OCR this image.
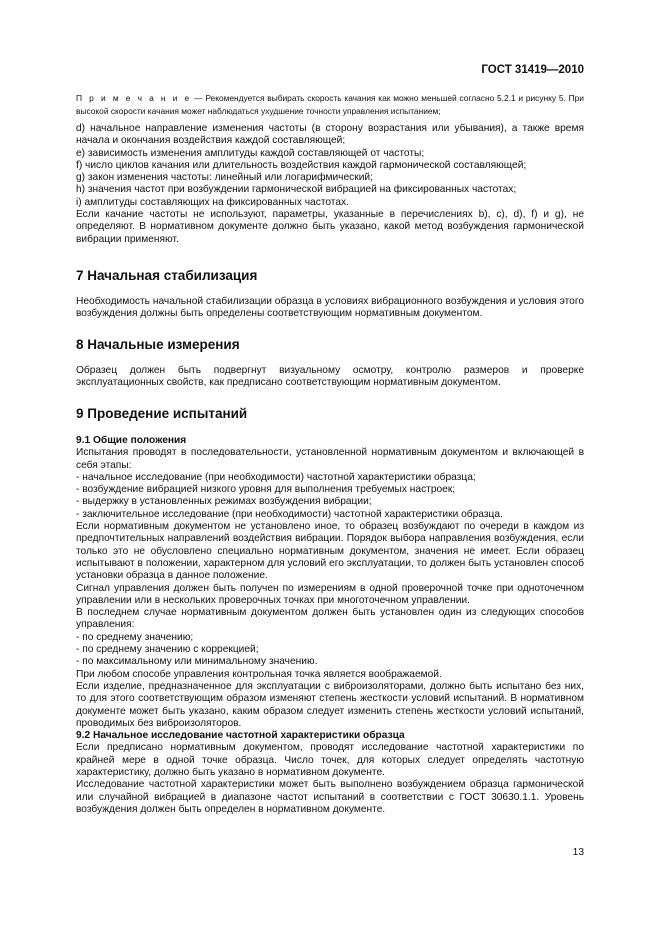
ГОСТ 31419—2010
П р и м е ч а н и е — Рекомендуется выбирать скорость качания как можно меньшей согласно 5.2.1 и рисунку 5. При высокой скорости качания может наблюдаться ухудшение точности управления испытанием;

d) начальное направление изменения частоты (в сторону возрастания или убывания), а также время начала и окончания воздействия каждой составляющей;

e) зависимость изменения амплитуды каждой составляющей от частоты;

f) число циклов качания или длительность воздействия каждой гармонической составляющей;

g) закон изменения частоты: линейный или логарифмический;

h) значения частот при возбуждении гармонической вибрацией на фиксированных частотах;

i) амплитуды составляющих на фиксированных частотах.

Если качание частоты не используют, параметры, указанные в перечислениях b), c), d), f) и g), не определяют. В нормативном документе должно быть указано, какой метод возбуждения гармонической вибрации применяют.

7 Начальная стабилизация

Необходимость начальной стабилизации образца в условиях вибрационного возбуждения и условия этого возбуждения должны быть определены соответствующим нормативным документом.

8 Начальные измерения

Образец должен быть подвергнут визуальному осмотру, контролю размеров и проверке эксплуатационных свойств, как предписано соответствующим нормативным документом.

9 Проведение испытаний
9.1 Общие положения

Испытания проводят в последовательности, установленной нормативным документом и включающей в себя этапы:

- начальное исследование (при необходимости) частотной характеристики образца;

- возбуждение вибрацией низкого уровня для выполнения требуемых настроек;

- выдержку в установленных режимах возбуждения вибрации;

- заключительное исследование (при необходимости) частотной характеристики образца.

Если нормативным документом не установлено иное, то образец возбуждают по очереди в каждом из предпочтительных направлений воздействия вибрации. Порядок выбора направления возбуждения, если только это не обусловлено специально нормативным документом, значения не имеет. Если образец испытывают в положении, характерном для условий его эксплуатации, то должен быть установлен способ установки образца в данное положение.

Сигнал управления должен быть получен по измерениям в одной проверочной точке при одноточечном управлении или в нескольких проверочных точках при многоточечном управлении.

В последнем случае нормативным документом должен быть установлен один из следующих способов управления:

- по среднему значению;

- по среднему значению с коррекцией;

- по максимальному или минимальному значению.

При любом способе управления контрольная точка является воображаемой.

Если изделие, предназначенное для эксплуатации с виброизоляторами, должно быть испытано без них, то для этого соответствующим образом изменяют степень жесткости условий испытаний. В нормативном документе может быть указано, каким образом следует изменить степень жесткости условий испытаний, проводимых без виброизоляторов.

9.2 Начальное исследование частотной характеристики образца

Если предписано нормативным документом, проводят исследование частотной характеристики по крайней мере в одной точке образца. Число точек, для которых следует определять частотную характеристику, должно быть указано в нормативном документе.

Исследование частотной характеристики может быть выполнено возбуждением образца гармонической или случайной вибрацией в диапазоне частот испытаний в соответствии с ГОСТ 30630.1.1. Уровень возбуждения должен быть определен в нормативном документе.

13
